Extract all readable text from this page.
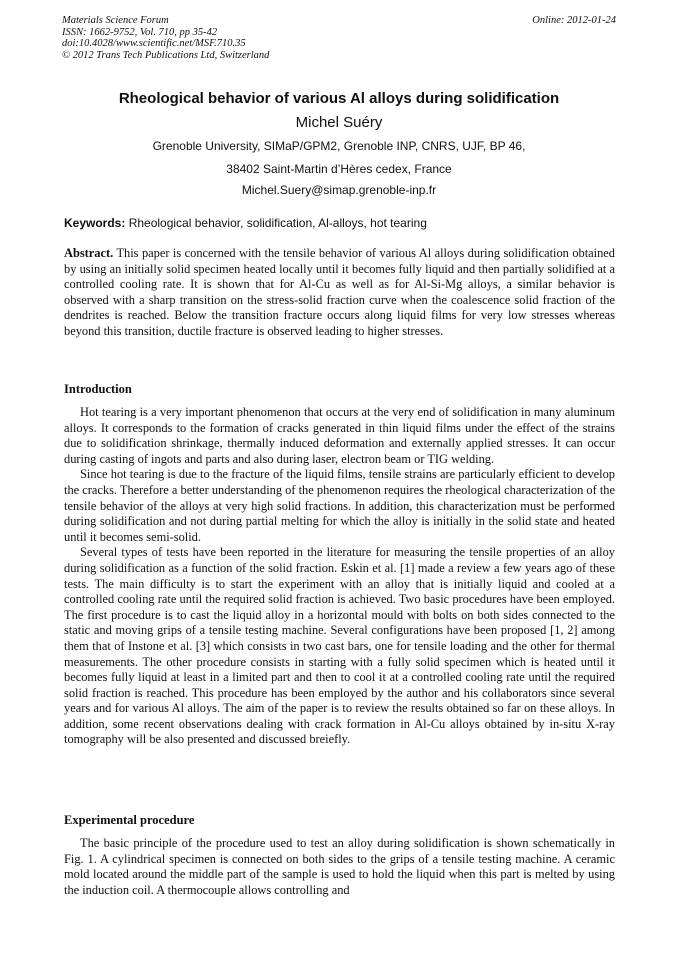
Materials Science Forum
ISSN: 1662-9752, Vol. 710, pp 35-42
doi:10.4028/www.scientific.net/MSF.710.35
© 2012 Trans Tech Publications Ltd, Switzerland
Online: 2012-01-24
Rheological behavior of various Al alloys during solidification
Michel Suéry
Grenoble University, SIMaP/GPM2, Grenoble INP, CNRS, UJF, BP 46,
38402 Saint-Martin d’Hères cedex, France
Michel.Suery@simap.grenoble-inp.fr
Keywords: Rheological behavior, solidification, Al-alloys, hot tearing

Abstract. This paper is concerned with the tensile behavior of various Al alloys during solidification obtained by using an initially solid specimen heated locally until it becomes fully liquid and then partially solidified at a controlled cooling rate. It is shown that for Al-Cu as well as for Al-Si-Mg alloys, a similar behavior is observed with a sharp transition on the stress-solid fraction curve when the coalescence solid fraction of the dendrites is reached. Below the transition fracture occurs along liquid films for very low stresses whereas beyond this transition, ductile fracture is observed leading to higher stresses.

Introduction

Hot tearing is a very important phenomenon that occurs at the very end of solidification in many aluminum alloys. It corresponds to the formation of cracks generated in thin liquid films under the effect of the strains due to solidification shrinkage, thermally induced deformation and externally applied stresses. It can occur during casting of ingots and parts and also during laser, electron beam or TIG welding.

Since hot tearing is due to the fracture of the liquid films, tensile strains are particularly efficient to develop the cracks. Therefore a better understanding of the phenomenon requires the rheological characterization of the tensile behavior of the alloys at very high solid fractions. In addition, this characterization must be performed during solidification and not during partial melting for which the alloy is initially in the solid state and heated until it becomes semi-solid.

Several types of tests have been reported in the literature for measuring the tensile properties of an alloy during solidification as a function of the solid fraction. Eskin et al. [1] made a review a few years ago of these tests. The main difficulty is to start the experiment with an alloy that is initially liquid and cooled at a controlled cooling rate until the required solid fraction is achieved. Two basic procedures have been employed. The first procedure is to cast the liquid alloy in a horizontal mould with bolts on both sides connected to the static and moving grips of a tensile testing machine. Several configurations have been proposed [1, 2] among them that of Instone et al. [3] which consists in two cast bars, one for tensile loading and the other for thermal measurements. The other procedure consists in starting with a fully solid specimen which is heated until it becomes fully liquid at least in a limited part and then to cool it at a controlled cooling rate until the required solid fraction is reached. This procedure has been employed by the author and his collaborators since several years and for various Al alloys. The aim of the paper is to review the results obtained so far on these alloys. In addition, some recent observations dealing with crack formation in Al-Cu alloys obtained by in-situ X-ray tomography will be also presented and discussed breiefly.

Experimental procedure

The basic principle of the procedure used to test an alloy during solidification is shown schematically in Fig. 1. A cylindrical specimen is connected on both sides to the grips of a tensile testing machine. A ceramic mold located around the middle part of the sample is used to hold the liquid when this part is melted by using the induction coil. A thermocouple allows controlling and
